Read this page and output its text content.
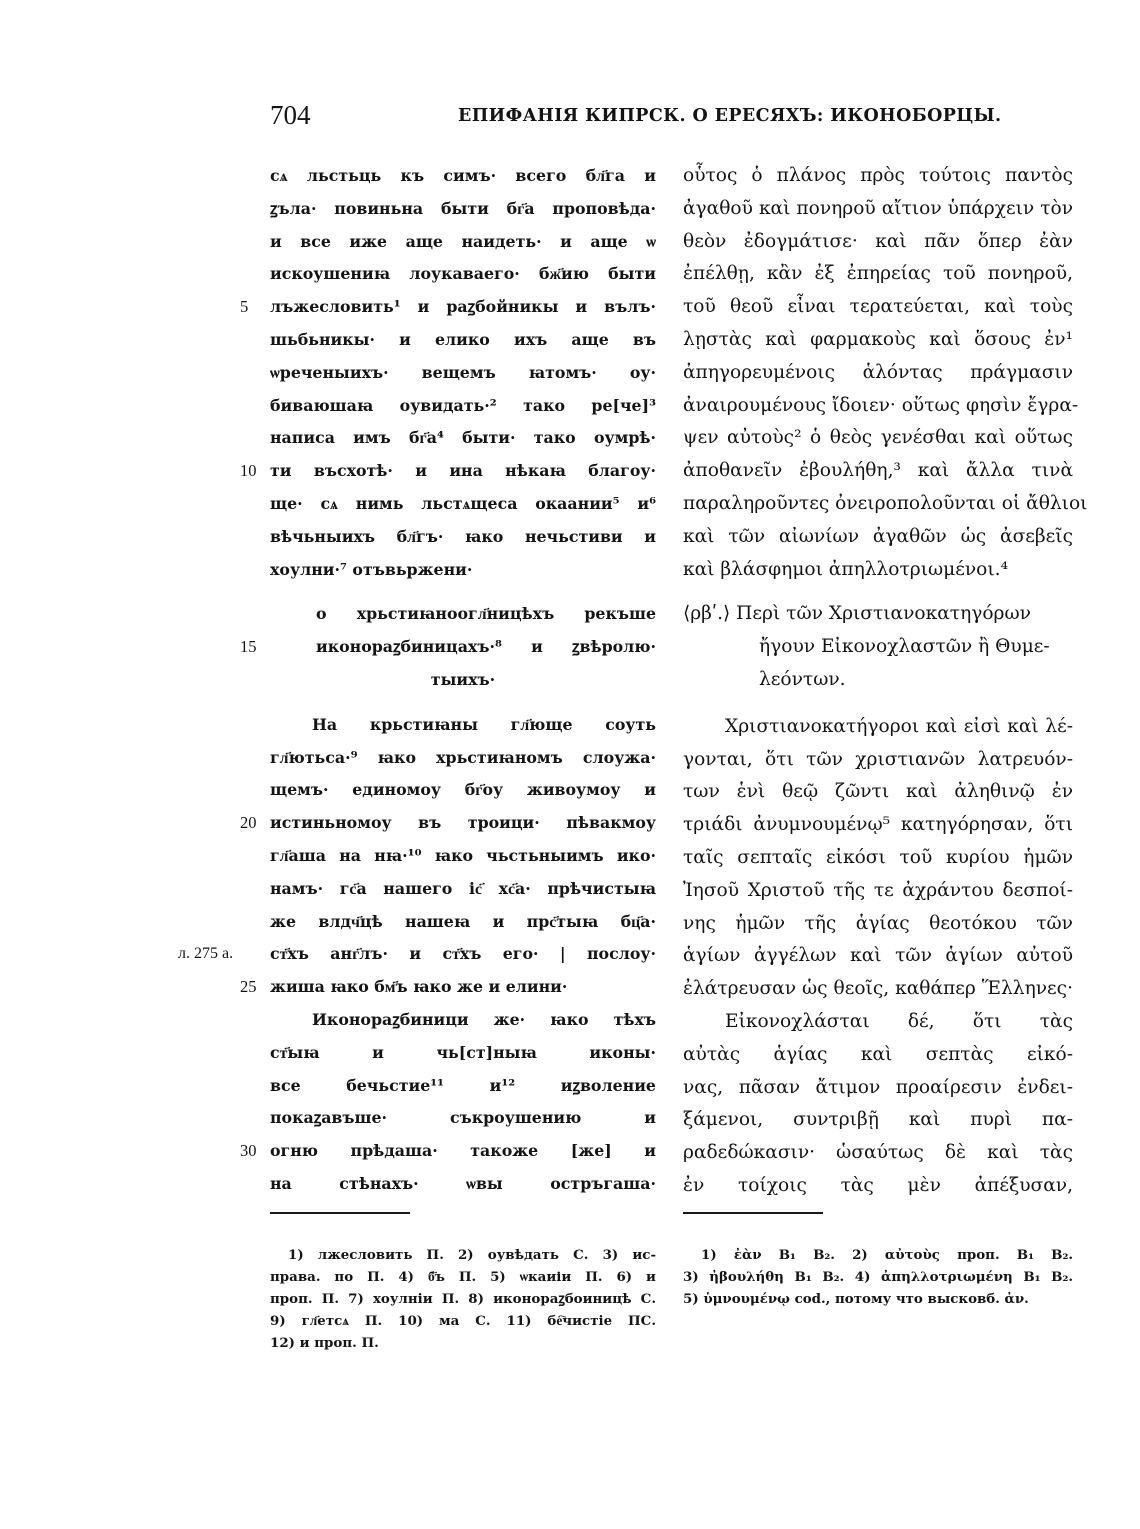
704	ЕПИФАНІЯ КИПРСК. О ЕРЕСЯХЪ: ИКОНОБОРЦЫ.
сѧ льстьць къ симъ· всего бл҃га и
ꙁъла· повиньна быти бг҃а проповѣда·
и все иже аще наидеть· и аще ѡ
искоушениꙗ лоукаваего· бж҃ию быти
лъжесловить¹ и раꙁбойникы и вълъ·
5
шьбьникы· и елико ихъ аще въ
ѡреченыихъ· вещемъ ꙗтомъ· оу·
биваюшаꙗ оувидать·² тако ре[че]³
написа имъ бг҃а⁴ быти· тако оумрѣ·
ти въсхотѣ· и ина нѣкаꙗ благоу·
10
ще· сѧ нимь льстѧщеса окаании⁵ и⁶
вѣчьныихъ бл҃гъ· ꙗко нечьстиви и
хоулни·⁷ отъвьржени·
о хрьстиꙗноогл҃ницѣхъ рекъше
иконораꙁбиницахъ·⁸ и ꙁвѣролю·
15
тыихъ·
На крьстиꙗны гл҃юще соуть
гл҃ютьса·⁹ ꙗко хрьстиꙗномъ слоужа·
щемъ· единомоу бг҃оу живоумоу и
истиньномоу въ троици· пѣвакмоу
20
гл҃аша на нꙗ·¹⁰ ꙗко чьстьныимъ ико·
намъ· гс҃а нашего іс҃ хс҃а· прѣчистыꙗ
же влдч҃цѣ нашеꙗ и прс҃тыꙗ бц҃а·
ст҃хъ анг҃лъ· и ст҃хъ его· | послоу·
л. 275 а.
жиша ꙗко бм҃ъ ꙗко же и елини·
25
Иконораꙁбиници же· ꙗко тѣхъ
ст҃ыꙗ и чь[ст]ныꙗ иконы·
все бечьстие¹¹ и¹² иꙁволение
покаꙁавъше· съкроушению и
огню прѣдаша· такоже [же] и
30
на стѣнахъ· ѡвы остръгаша·
οὗτος ὁ πλάνος πρὸς τούτοις παντὸς
ἀγαθοῦ καὶ πονηροῦ αἴτιον ὑπάρχειν τὸν
θεὸν ἐδογμάτισε· καὶ πᾶν ὅπερ ἐὰν
ἐπέλθῃ, κἂν ἐξ ἐπηρείας τοῦ πονηροῦ,
τοῦ θεοῦ εἶναι τερατεύεται, καὶ τοὺς
λῃστὰς καὶ φαρμακοὺς καὶ ὅσους ἐν¹
ἀπηγορευμένοις ἁλόντας πράγμασιν
ἀναιρουμένους ἴδοιεν· οὕτως φησὶν ἔγρα-
ψεν αὐτοὺς² ὁ θεὸς γενέσθαι καὶ οὕτως
ἀποθανεῖν ἐβουλήθη,³ καὶ ἄλλα τινὰ
παραληροῦντες ὀνειροπολοῦνται οἱ ἄθλιοι
καὶ τῶν αἰωνίων ἀγαθῶν ὡς ἀσεβεῖς
καὶ βλάσφημοι ἀπηλλοτριωμένοι.⁴
⟨ρβʹ.⟩ Περὶ τῶν Χριστιανοκατηγόρων
ἤγουν Εἰκονοχλαστῶν ἢ Θυμε-
λεόντων.
Χριστιανοκατήγοροι καὶ εἰσὶ καὶ λέ-
γονται, ὅτι τῶν χριστιανῶν λατρευόν-
των ἑνὶ θεῷ ζῶντι καὶ ἀληθινῷ ἐν
τριάδι ἀνυμνουμένῳ⁵ κατηγόρησαν, ὅτι
ταῖς σεπταῖς εἰκόσι τοῦ κυρίου ἡμῶν
Ἰησοῦ Χριστοῦ τῆς τε ἀχράντου δεσποί-
νης ἡμῶν τῆς ἁγίας θεοτόκου τῶν
ἁγίων ἀγγέλων καὶ τῶν ἁγίων αὐτοῦ
ἐλάτρευσαν ὡς θεοῖς, καθάπερ Ἕλληνες·
Εἰκονοχλάσται δέ, ὅτι τὰς
αὐτὰς ἁγίας καὶ σεπτὰς εἰκό-
νας, πᾶσαν ἄτιμον προαίρεσιν ἐνδει-
ξάμενοι, συντριβῇ καὶ πυρὶ πα-
ραδεδώκασιν· ὡσαύτως δὲ καὶ τὰς
ἐν τοίχοις τὰς μὲν ἀπέξυσαν,
1) лжесловить П. 2) оувѣдать С. 3) ис-
права. по П. 4) б҃ъ П. 5) ѡкаиіи П. 6) и
проп. П. 7) хоулнiи П. 8) иконораꙁбоиницѣ С.
9) гл҃етсѧ П. 10) ма С. 11) бе҇чистiе ПС.
12) и проп. П.
1) ἐὰν B₁ B₂. 2) αὐτοὺς проп. B₁ B₂.
3) ἠβουλήθη B₁ B₂. 4) ἀπηλλοτριωμένη B₁ B₂.
5) ὑμνουμένῳ cod., потому что высковб. ἀν.
